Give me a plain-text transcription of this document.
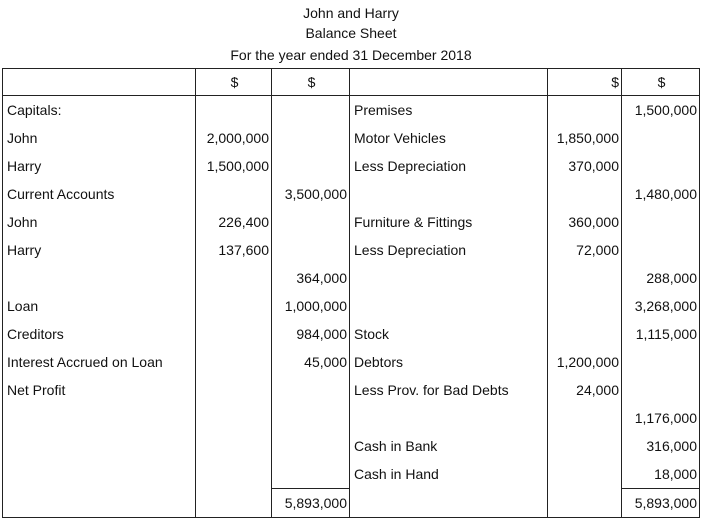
John and Harry
Balance Sheet
For the year ended 31 December 2018
	$	$		$	$
Capitals:			Premises		1,500,000
John	2,000,000		Motor Vehicles	1,850,000	
Harry	1,500,000		Less Depreciation	370,000	
Current Accounts		3,500,000			1,480,000
John	226,400		Furniture & Fittings	360,000	
Harry	137,600		Less Depreciation	72,000	
		364,000			288,000
Loan		1,000,000			3,268,000
Creditors		984,000	Stock		1,115,000
Interest Accrued on Loan		45,000	Debtors	1,200,000	
Net Profit			Less Prov. for Bad Debts	24,000	
					1,176,000
			Cash in Bank		316,000
			Cash in Hand		18,000
		5,893,000			5,893,000
